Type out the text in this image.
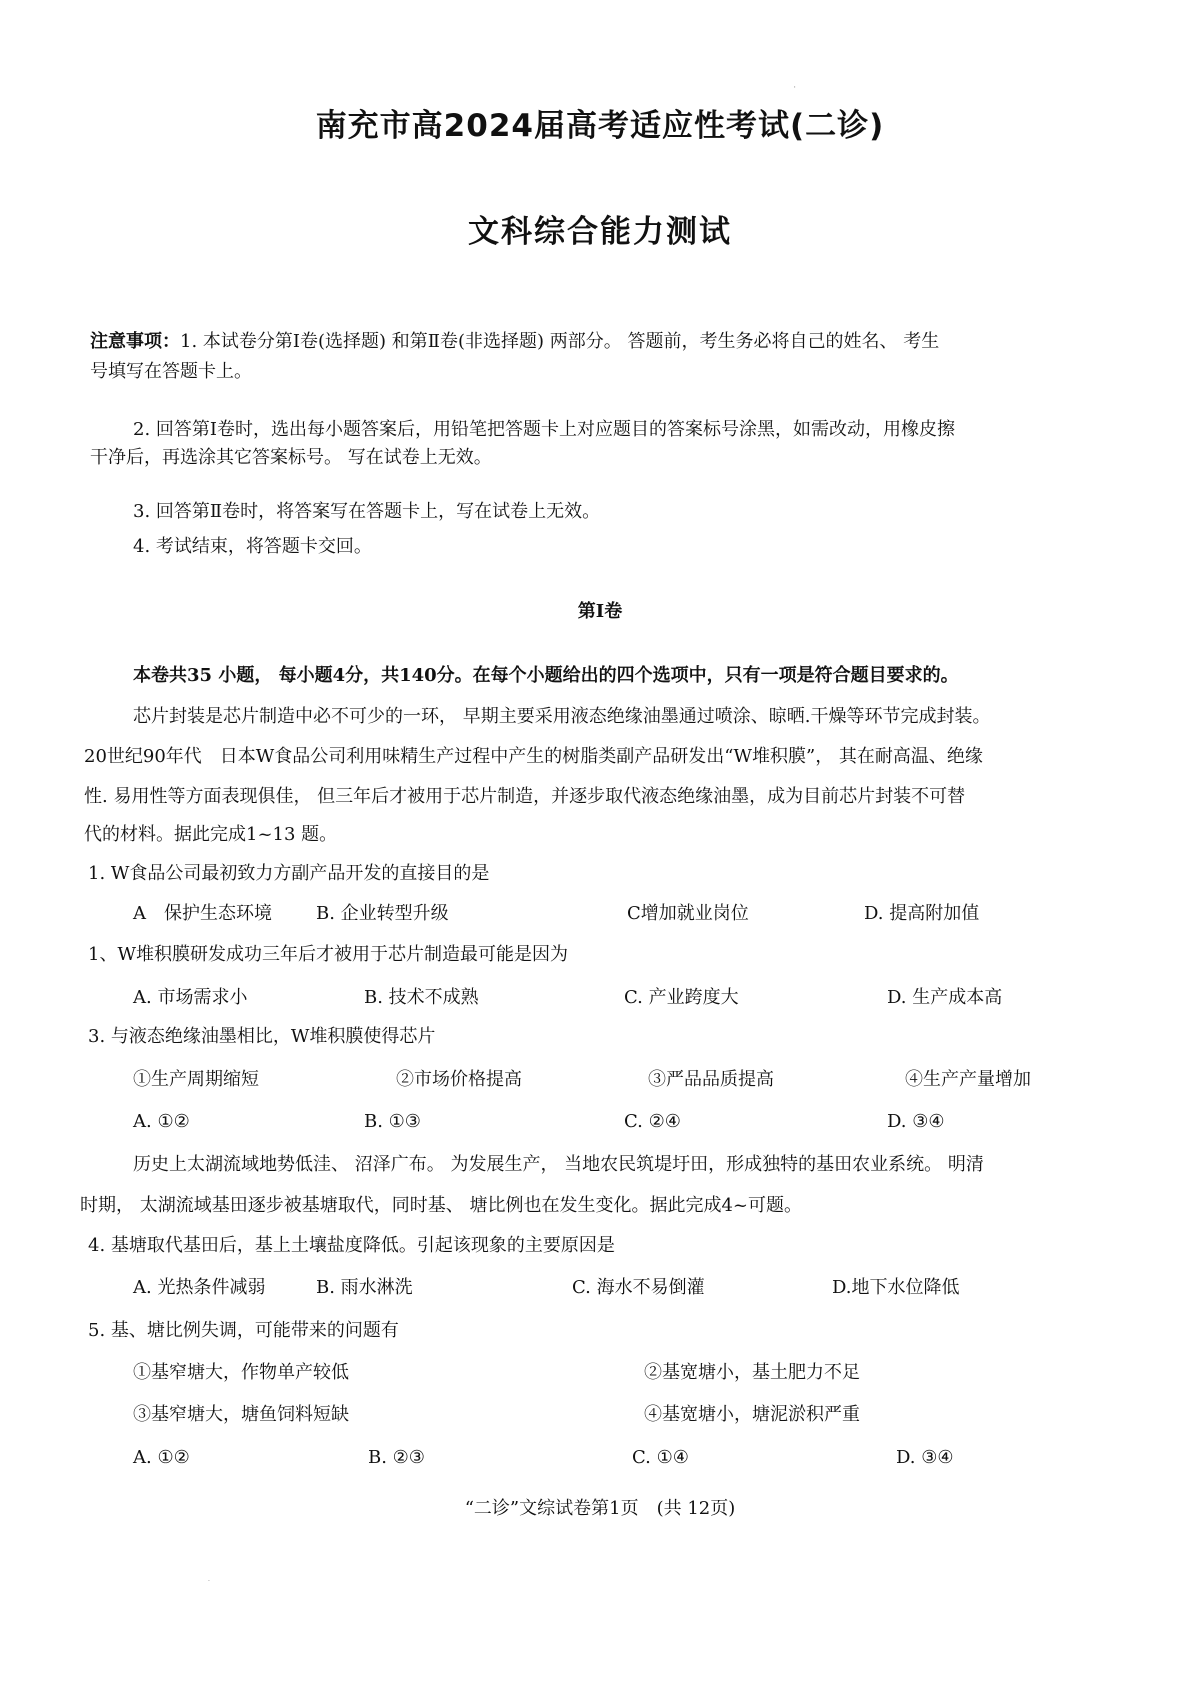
'
南充市高2024届高考适应性考试(二诊)
文科综合能力测试
注意事项：1. 本试卷分第I卷(选择题) 和第Ⅱ卷(非选择题) 两部分。 答题前，考生务必将自己的姓名、 考生
号填写在答题卡上。
2. 回答第I卷时，选出每小题答案后，用铅笔把答题卡上对应题目的答案标号涂黑，如需改动，用橡皮擦
干净后，再选涂其它答案标号。 写在试卷上无效。
3. 回答第Ⅱ卷时，将答案写在答题卡上，写在试卷上无效。
4. 考试结束，将答题卡交回。
第I卷
本卷共35 小题， 每小题4分，共140分。在每个小题给出的四个选项中，只有一项是符合题目要求的。
芯片封装是芯片制造中必不可少的一环， 早期主要采用液态绝缘油墨通过喷涂、晾晒.干燥等环节完成封装。
20世纪90年代　日本W食品公司利用味精生产过程中产生的树脂类副产品研发出“W堆积膜”， 其在耐高温、绝缘
性. 易用性等方面表现俱佳， 但三年后才被用于芯片制造，并逐步取代液态绝缘油墨，成为目前芯片封装不可替
代的材料。据此完成1~13 题。
1. W食品公司最初致力方副产品开发的直接目的是
A　保护生态环境 B. 企业转型升级	C增加就业岗位	D. 提高附加值
1、W堆积膜研发成功三年后才被用于芯片制造最可能是因为
A. 市场需求小	B. 技术不成熟	C. 产业跨度大	D. 生产成本高
3. 与液态绝缘油墨相比，W堆积膜使得芯片
①生产周期缩短	②市场价格提高	③严品品质提高	④生产产量增加
A. ①②	B. ①③	C. ②④	D. ③④
历史上太湖流域地势低洼、 沼泽广布。 为发展生产， 当地农民筑堤圩田，形成独特的基田农业系统。 明清
时期， 太湖流域基田逐步被基塘取代，同时基、 塘比例也在发生变化。据此完成4~可题。
4. 基塘取代基田后，基上土壤盐度降低。引起该现象的主要原因是
A. 光热条件减弱	B. 雨水淋洗	C. 海水不易倒灌	D.地下水位降低
5. 基、塘比例失调，可能带来的问题有
①基窄塘大，作物单产较低	②基宽塘小，基土肥力不足
③基窄塘大，塘鱼饲料短缺	④基宽塘小，塘泥淤积严重
A. ①②	B. ②③	C. ①④	D. ③④
“二诊”文综试卷第1页　(共 12页)
.
